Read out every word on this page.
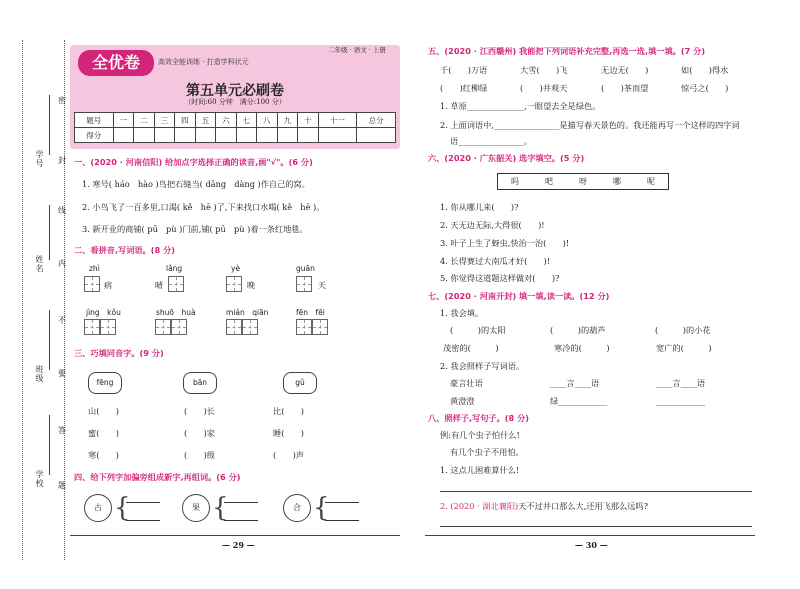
学号
姓名
班级
学校
密
封
线
内
不
要
答
题
全优卷	高效全能训练 · 打造学科状元
二年级 · 语文 · 上册
第五单元必刷卷
（时间:60 分钟　满分:100 分）
题号	一	二	三	四	五	六	七	八	九	十	十一	总分
得分												
一、(2020 · 河南信阳) 给加点字选择正确的读音,画"√"。(6 分)
1. 寒号( háo　hào )鸟把石缝当( dāng　dàng )作自己的窝。
2. 小鸟飞了一百多里,口渴( kě　hē )了,下来找口水喝( kě　hē )。
3. 新开业的商铺( pū　pù )门前,铺( pū　pù )着一条红地毯。
二、看拼音,写词语。(8 分)
zhì
病
lǎng
晴
yè
晚
guān
天
jìng　kǒu	shuō　huà	mián　qiān	fēn　fēi
三、巧填同音字。(9 分)
fēng	bān	gǔ
山(　　)	(　　)长	比(　　)
蜜(　　)	(　　)家	睡(　　)
寒(　　)	(　　)级	(　　)声
四、给下列字加偏旁组成新字,再组词。(6 分)
古 {	果 {	合 {
— 29 —
五、(2020 · 江西赣州) 我能把下列词语补充完整,再选一选,填一填。(7 分)
千(　　)万语	大雪(　　)飞	无边无(　　)	如(　　)得水
(　　)红柳绿	(　　)井观天	(　　)茶而望	惊弓之(　　)
1. 草原______________,一眼望去全是绿色。
2. 上面词语中,________________是描写春天景色的。我还能再写一个这样的四字词
语________________。
六、(2020 · 广东韶关) 选字填空。(5 分)
吗	吧	呀	哪	呢
1. 你从哪儿来(　　)?
2. 天无边无际,大得很(　　)!
3. 叶子上生了蚜虫,快治一治(　　)!
4. 长得赛过大南瓜才好(　　)!
5. 你觉得这道题这样做对(　　)?
七、(2020 · 河南开封) 填一填,读一读。(12 分)
1. 我会填。
(　　　)的太阳	(　　　)的葫芦	(　　　)的小花
茂密的(　　　)	寒冷的(　　　)	宽广的(　　　)
2. 我会照样子写词语。
豪言壮语	____言____语	____言____语
黄澄澄	绿____________	____________
八、照样子,写句子。(8 分)
例:有几个虫子怕什么!
有几个虫子不用怕。
1. 这点儿困难算什么!
2. (2020 · 湖北襄阳)天不过井口那么大,还用飞那么远吗?
— 30 —
